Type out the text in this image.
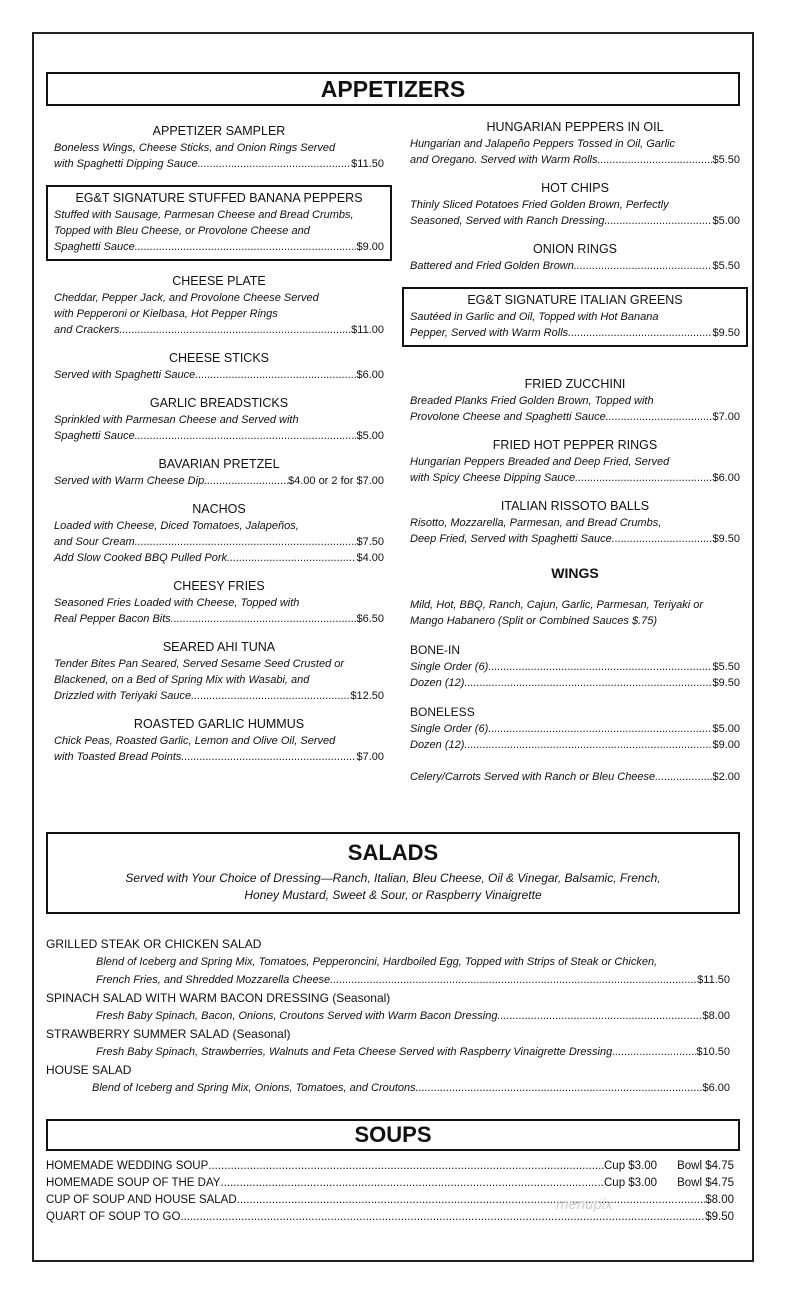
APPETIZERS
APPETIZER SAMPLER
Boneless Wings, Cheese Sticks, and Onion Rings Served
with Spaghetti Dipping Sauce .....	$11.50
EG&T SIGNATURE STUFFED BANANA PEPPERS
Stuffed with Sausage, Parmesan Cheese and Bread Crumbs,
Topped with Bleu Cheese, or Provolone Cheese and
Spaghetti Sauce .....	$9.00
CHEESE PLATE
Cheddar, Pepper Jack, and Provolone Cheese Served
with Pepperoni or Kielbasa, Hot Pepper Rings
and Crackers .....	$11.00
CHEESE STICKS
Served with Spaghetti Sauce .....	$6.00
GARLIC BREADSTICKS
Sprinkled with Parmesan Cheese and Served with
Spaghetti Sauce .....	$5.00
BAVARIAN PRETZEL
Served with Warm Cheese Dip .....	$4.00 or 2 for $7.00
NACHOS
Loaded with Cheese, Diced Tomatoes, Jalapeños,
and Sour Cream .....	$7.50
Add Slow Cooked BBQ Pulled Pork .....	$4.00
CHEESY FRIES
Seasoned Fries Loaded with Cheese, Topped with
Real Pepper Bacon Bits .....	$6.50
SEARED AHI TUNA
Tender Bites Pan Seared, Served Sesame Seed Crusted or
Blackened, on a Bed of Spring Mix with Wasabi, and
Drizzled with Teriyaki Sauce .....	$12.50
ROASTED GARLIC HUMMUS
Chick Peas, Roasted Garlic, Lemon and Olive Oil, Served
with Toasted Bread Points .....	$7.00
HUNGARIAN PEPPERS IN OIL
Hungarian and Jalapeño Peppers Tossed in Oil, Garlic
and Oregano. Served with Warm Rolls .....	$5.50
HOT CHIPS
Thinly Sliced Potatoes Fried Golden Brown, Perfectly
Seasoned, Served with Ranch Dressing .....	$5.00
ONION RINGS
Battered and Fried Golden Brown .....	$5.50
EG&T SIGNATURE ITALIAN GREENS
Sautéed in Garlic and Oil, Topped with Hot Banana
Pepper, Served with Warm Rolls .....	$9.50
FRIED ZUCCHINI
Breaded Planks Fried Golden Brown, Topped with
Provolone Cheese and Spaghetti Sauce .....	$7.00
FRIED HOT PEPPER RINGS
Hungarian Peppers Breaded and Deep Fried, Served
with Spicy Cheese Dipping Sauce .....	$6.00
ITALIAN RISSOTO BALLS
Risotto, Mozzarella, Parmesan, and Bread Crumbs,
Deep Fried, Served with Spaghetti Sauce .....	$9.50
WINGS
Mild, Hot, BBQ, Ranch, Cajun, Garlic, Parmesan, Teriyaki or
Mango Habanero (Split or Combined Sauces $.75)
BONE-IN
Single Order (6) .....	$5.50
Dozen (12) .....	$9.50
BONELESS
Single Order (6) .....	$5.00
Dozen (12). .....	$9.00
Celery/Carrots Served with Ranch or Bleu Cheese .....	$2.00
SALADS
Served with Your Choice of Dressing—Ranch, Italian, Bleu Cheese, Oil & Vinegar, Balsamic, French,
Honey Mustard, Sweet & Sour, or Raspberry Vinaigrette
GRILLED STEAK OR CHICKEN SALAD
Blend of Iceberg and Spring Mix, Tomatoes, Pepperoncini, Hardboiled Egg, Topped with Strips of Steak or Chicken,
French Fries, and Shredded Mozzarella Cheese .....	$11.50
SPINACH SALAD WITH WARM BACON DRESSING (Seasonal)
Fresh Baby Spinach, Bacon, Onions, Croutons Served with Warm Bacon Dressing .....	$8.00
STRAWBERRY SUMMER SALAD (Seasonal)
Fresh Baby Spinach, Strawberries, Walnuts and Feta Cheese Served with Raspberry Vinaigrette Dressing .....	$10.50
HOUSE SALAD
Blend of Iceberg and Spring Mix, Onions, Tomatoes, and Croutons .....	.$6.00
SOUPS
HOMEMADE WEDDING SOUP .....	Cup $3.00	Bowl $4.75
HOMEMADE SOUP OF THE DAY .....	Cup $3.00	Bowl $4.75
CUP OF SOUP AND HOUSE SALAD .....	$8.00
QUART OF SOUP TO GO .....	$9.50
menupix
